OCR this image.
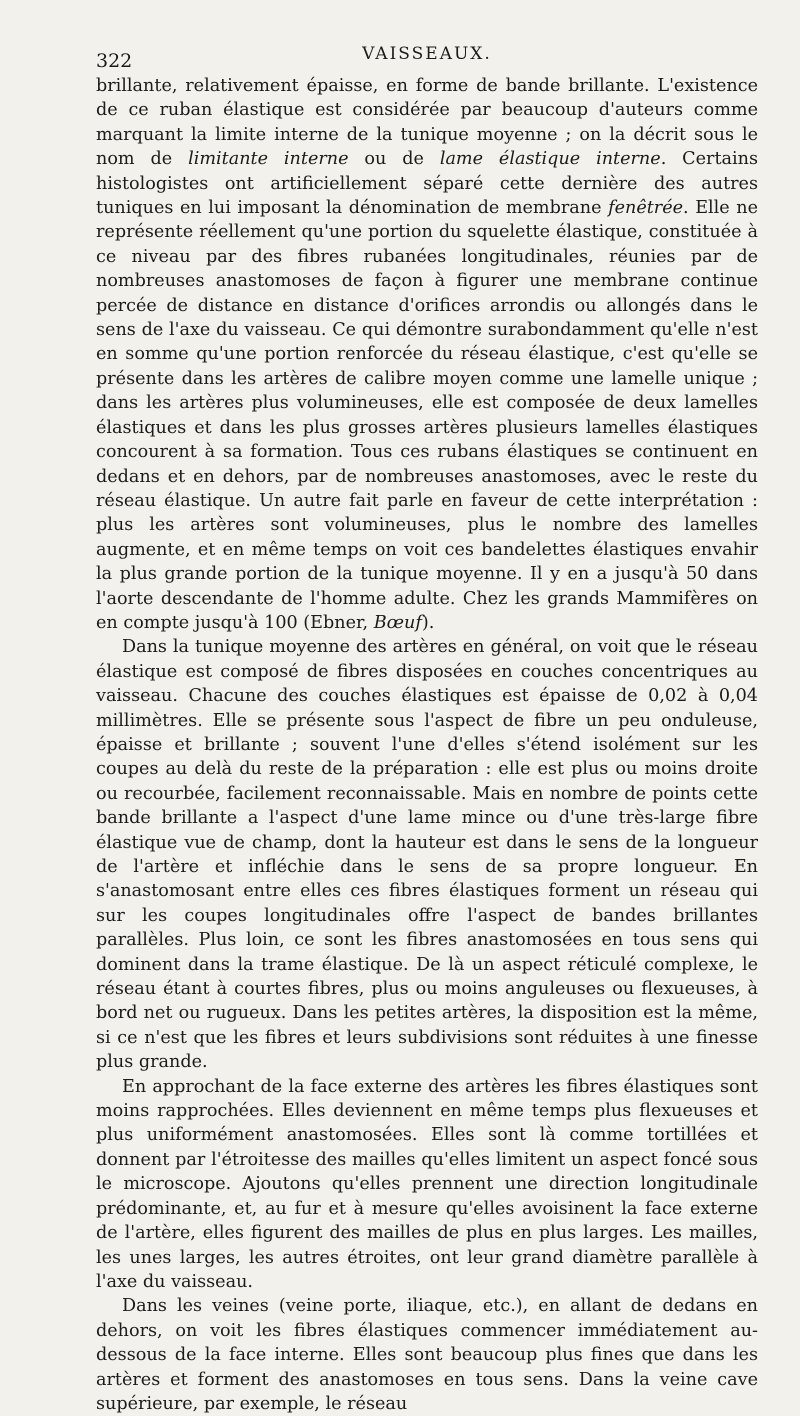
322	VAISSEAUX.

brillante, relativement épaisse, en forme de bande brillante. L'existence de ce ruban élastique est considérée par beaucoup d'auteurs comme marquant la limite interne de la tunique moyenne ; on la décrit sous le nom de limitante interne ou de lame élastique interne. Certains histologistes ont artificiellement séparé cette dernière des autres tuniques en lui imposant la dénomination de membrane fenêtrée. Elle ne représente réellement qu'une portion du squelette élastique, constituée à ce niveau par des fibres rubanées longitudinales, réunies par de nombreuses anastomoses de façon à figurer une membrane continue percée de distance en distance d'orifices arrondis ou allongés dans le sens de l'axe du vaisseau. Ce qui démontre surabondamment qu'elle n'est en somme qu'une portion renforcée du réseau élastique, c'est qu'elle se présente dans les artères de calibre moyen comme une lamelle unique ; dans les artères plus volumineuses, elle est composée de deux lamelles élastiques et dans les plus grosses artères plusieurs lamelles élastiques concourent à sa formation. Tous ces rubans élastiques se continuent en dedans et en dehors, par de nombreuses anastomoses, avec le reste du réseau élastique. Un autre fait parle en faveur de cette interprétation : plus les artères sont volumineuses, plus le nombre des lamelles augmente, et en même temps on voit ces bandelettes élastiques envahir la plus grande portion de la tunique moyenne. Il y en a jusqu'à 50 dans l'aorte descendante de l'homme adulte. Chez les grands Mammifères on en compte jusqu'à 100 (Ebner, Bœuf).

Dans la tunique moyenne des artères en général, on voit que le réseau élastique est composé de fibres disposées en couches concentriques au vaisseau. Chacune des couches élastiques est épaisse de 0,02 à 0,04 millimètres. Elle se présente sous l'aspect de fibre un peu onduleuse, épaisse et brillante ; souvent l'une d'elles s'étend isolément sur les coupes au delà du reste de la préparation : elle est plus ou moins droite ou recourbée, facilement reconnaissable. Mais en nombre de points cette bande brillante a l'aspect d'une lame mince ou d'une très-large fibre élastique vue de champ, dont la hauteur est dans le sens de la longueur de l'artère et infléchie dans le sens de sa propre longueur. En s'anastomosant entre elles ces fibres élastiques forment un réseau qui sur les coupes longitudinales offre l'aspect de bandes brillantes parallèles. Plus loin, ce sont les fibres anastomosées en tous sens qui dominent dans la trame élastique. De là un aspect réticulé complexe, le réseau étant à courtes fibres, plus ou moins anguleuses ou flexueuses, à bord net ou rugueux. Dans les petites artères, la disposition est la même, si ce n'est que les fibres et leurs subdivisions sont réduites à une finesse plus grande.

En approchant de la face externe des artères les fibres élastiques sont moins rapprochées. Elles deviennent en même temps plus flexueuses et plus uniformément anastomosées. Elles sont là comme tortillées et donnent par l'étroitesse des mailles qu'elles limitent un aspect foncé sous le microscope. Ajoutons qu'elles prennent une direction longitudinale prédominante, et, au fur et à mesure qu'elles avoisinent la face externe de l'artère, elles figurent des mailles de plus en plus larges. Les mailles, les unes larges, les autres étroites, ont leur grand diamètre parallèle à l'axe du vaisseau.

Dans les veines (veine porte, iliaque, etc.), en allant de dedans en dehors, on voit les fibres élastiques commencer immédiatement au-dessous de la face interne. Elles sont beaucoup plus fines que dans les artères et forment des anastomoses en tous sens. Dans la veine cave supérieure, par exemple, le réseau
